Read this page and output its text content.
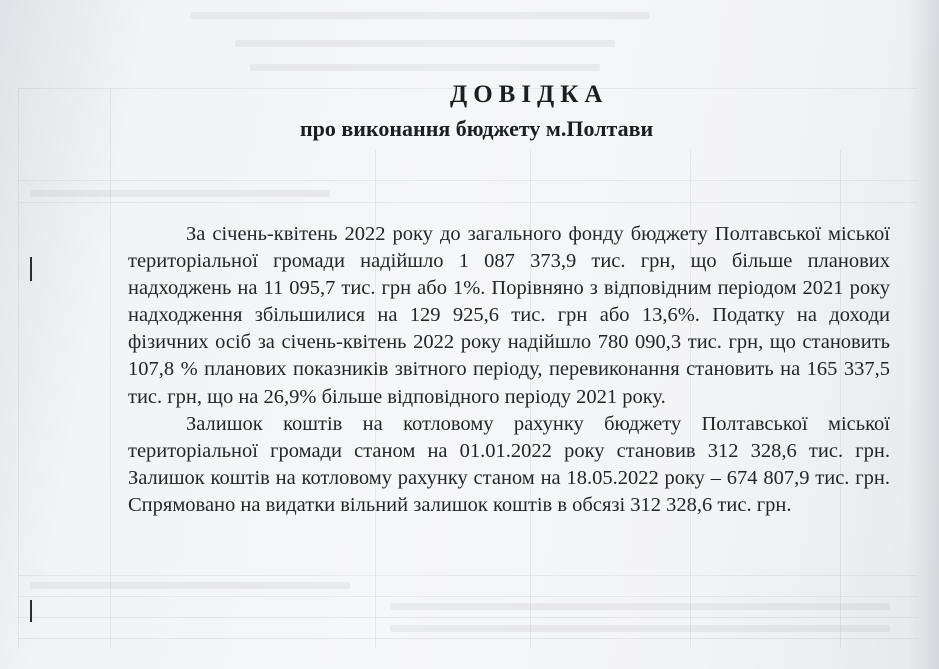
ДОВІДКА
про виконання бюджету м.Полтави

За січень-квітень 2022 року до загального фонду бюджету Полтавської міської територіальної громади надійшло 1 087 373,9 тис. грн, що більше планових надходжень на 11 095,7 тис. грн або 1%. Порівняно з відповідним періодом 2021 року надходження збільшилися на 129 925,6 тис. грн або 13,6%. Податку на доходи фізичних осіб за січень-квітень 2022 року надійшло 780 090,3 тис. грн, що становить 107,8 % планових показників звітного періоду, перевиконання становить на 165 337,5 тис. грн, що на 26,9% більше відповідного періоду 2021 року.

Залишок коштів на котловому рахунку бюджету Полтавської міської територіальної громади станом на 01.01.2022 року становив 312 328,6 тис. грн. Залишок коштів на котловому рахунку станом на 18.05.2022 року – 674 807,9 тис. грн. Спрямовано на видатки вільний залишок коштів в обсязі 312 328,6 тис. грн.
